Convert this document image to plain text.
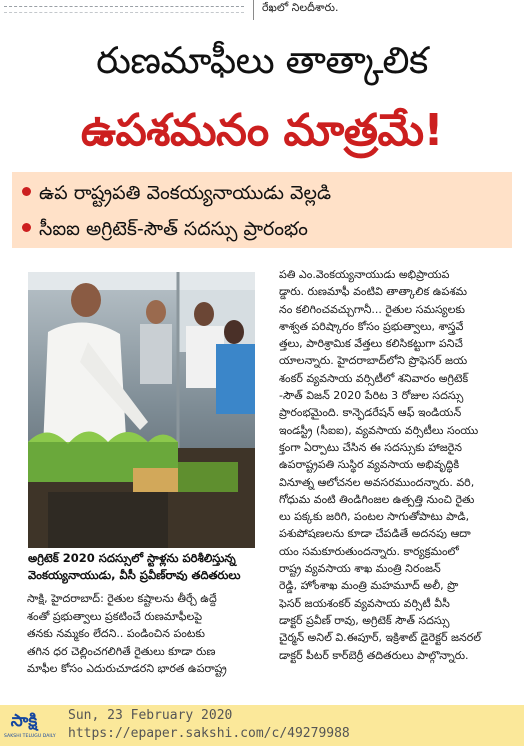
రేఖలో నిలదీశారు.
రుణమాఫీలు తాత్కాలిక
ఉపశమనం మాత్రమే!
ఉప రాష్ట్రపతి వెంకయ్యనాయుడు వెల్లడి
సీఐఐ అగ్రిటెక్-సౌత్ సదస్సు ప్రారంభం
అగ్రిటెక్ 2020 సదస్సులో స్టాళ్లను పరిశీలిస్తున్న
వెంకయ్యనాయుడు, వీసీ ప్రవీణ్‌రావు తదితరులు
సాక్షి, హైదరాబాద్: రైతుల కష్టాలను తీర్చే ఉద్దే
శంతో ప్రభుత్వాలు ప్రకటించే రుణమాఫీలపై
తనకు నమ్మకం లేదని.. పండించిన పంటకు
తగిన ధర చెల్లించగలిగితే రైతులు కూడా రుణ
మాఫీల కోసం ఎదురుచూడరని భారత ఉపరాష్ట్ర
పతి ఎం.వెంకయ్యనాయుడు అభిప్రాయప
డ్డారు. రుణమాఫీ వంటివి తాత్కాలిక ఉపశమ
నం కలిగించవచ్చుగానీ... రైతుల సమస్యలకు
శాశ్వత పరిష్కారం కోసం ప్రభుత్వాలు, శాస్త్రవే
త్తలు, పారిశ్రామిక వేత్తలు కలిసికట్టుగా పనిచే
యాలన్నారు. హైదరాబాద్‌లోని ప్రొఫెసర్ జయ
శంకర్ వ్యవసాయ వర్సిటీలో శనివారం అగ్రిటెక్
-సౌత్ విజన్ 2020 పేరిట 3 రోజుల సదస్సు
ప్రారంభమైంది. కాన్ఫెడరేషన్ ఆఫ్ ఇండియన్
ఇండస్ట్రీ (సీఐఐ), వ్యవసాయ వర్సిటీలు సంయు
క్తంగా ఏర్పాటు చేసిన ఈ సదస్సుకు హాజరైన
ఉపరాష్ట్రపతి సుస్థిర వ్యవసాయ అభివృద్ధికి
వినూత్న ఆలోచనల అవసరముందన్నారు. వరి,
గోధుమ వంటి తిండిగింజల ఉత్పత్తి నుంచి రైతు
లు పక్కకు జరిగి, పంటల సాగుతోపాటు పాడి,
పశుపోషణలను కూడా చేపడితే అదనపు ఆదా
యం సమకూరుతుందన్నారు. కార్యక్రమంలో
రాష్ట్ర వ్యవసాయ శాఖ మంత్రి నిరంజన్
రెడ్డి, హోంశాఖ మంత్రి మహమూద్ అలీ, ప్రొ
ఫెసర్ జయశంకర్ వ్యవసాయ వర్సిటీ వీసీ
డాక్టర్ ప్రవీణ్ రావు, అగ్రిటెక్ సౌత్ సదస్సు
చైర్మన్ అనిల్ వి.ఈపూర్, ఇక్రిశాట్ డైరెక్టర్ జనరల్
డాక్టర్ పీటర్ కార్‌బెర్రీ తదితరులు పాల్గొన్నారు.
సాక్షి
SAKSHI TELUGU DAILY
Sun, 23 February 2020
https://epaper.sakshi.com/c/49279988
